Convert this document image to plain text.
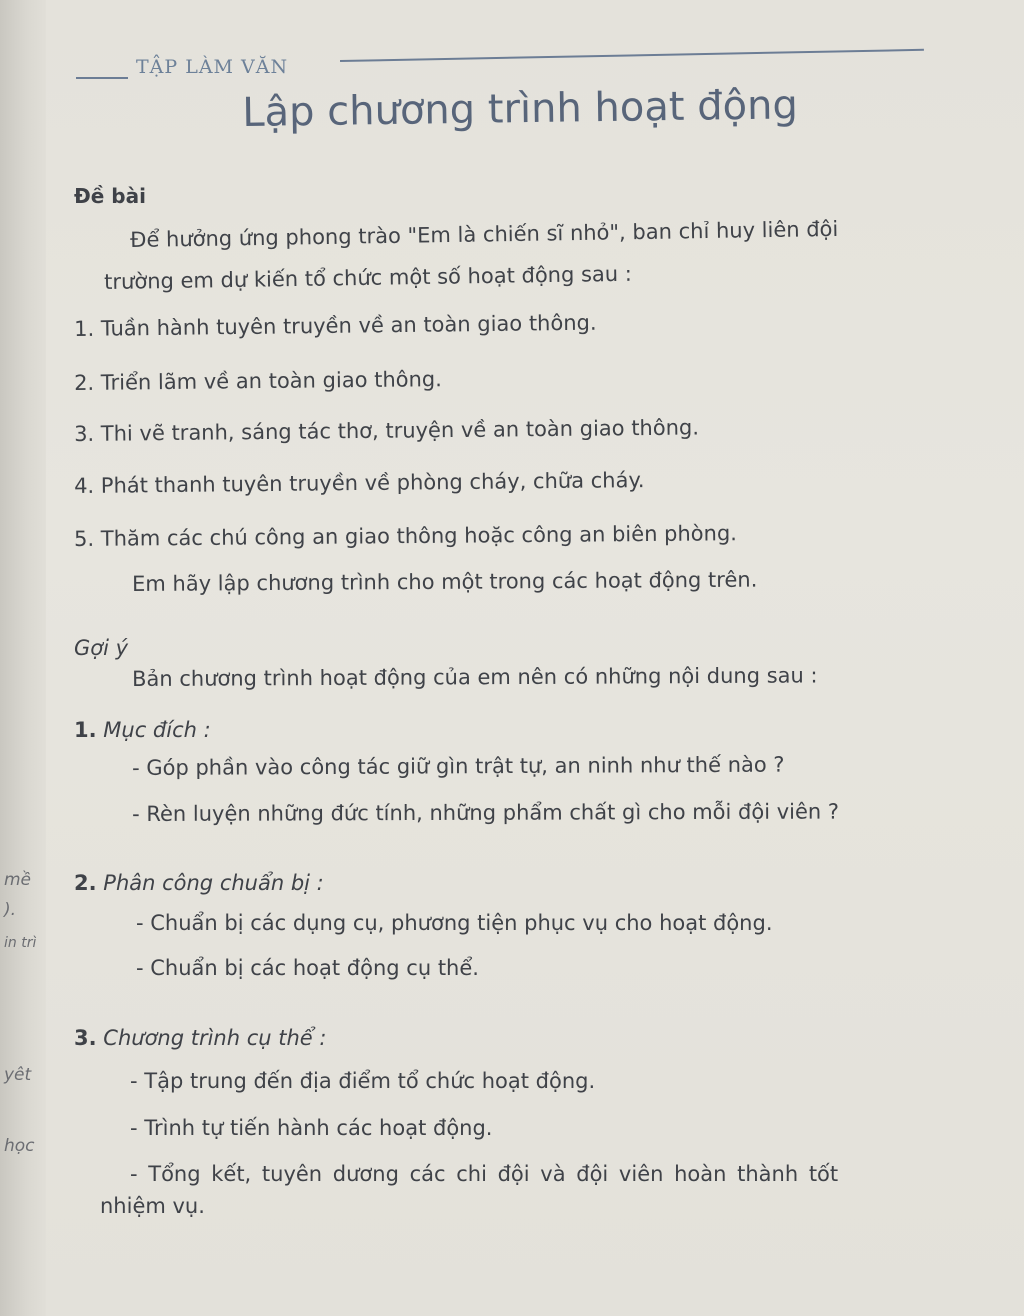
mề
).
in trì
yêt
học
TẬP LÀM VĂN
Lập chương trình hoạt động
Đề bài
Để hưởng ứng phong trào "Em là chiến sĩ nhỏ", ban chỉ huy liên đội
trường em dự kiến tổ chức một số hoạt động sau :
1. Tuần hành tuyên truyền về an toàn giao thông.
2. Triển lãm về an toàn giao thông.
3. Thi vẽ tranh, sáng tác thơ, truyện về an toàn giao thông.
4. Phát thanh tuyên truyền về phòng cháy, chữa cháy.
5. Thăm các chú công an giao thông hoặc công an biên phòng.
Em hãy lập chương trình cho một trong các hoạt động trên.
Gợi ý
Bản chương trình hoạt động của em nên có những nội dung sau :
1. Mục đích :
- Góp phần vào công tác giữ gìn trật tự, an ninh như thế nào ?
- Rèn luyện những đức tính, những phẩm chất gì cho mỗi đội viên ?
2. Phân công chuẩn bị :
- Chuẩn bị các dụng cụ, phương tiện phục vụ cho hoạt động.
- Chuẩn bị các hoạt động cụ thể.
3. Chương trình cụ thể :
- Tập trung đến địa điểm tổ chức hoạt động.
- Trình tự tiến hành các hoạt động.
- Tổng kết, tuyên dương các chi đội và đội viên hoàn thành tốt
nhiệm vụ.
